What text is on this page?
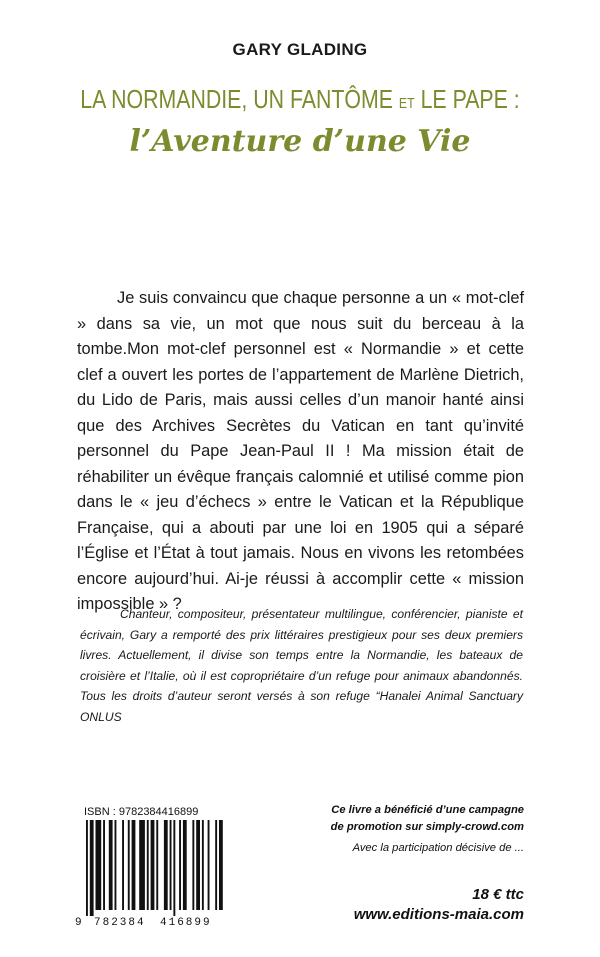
GARY GLADING
LA NORMANDIE, UN FANTÔME ET LE PAPE :
l’Aventure d’une Vie

Je suis convaincu que chaque personne a un « mot-clef » dans sa vie, un mot que nous suit du berceau à la tombe.Mon mot-clef personnel est « Normandie » et cette clef a ouvert les portes de l’appartement de Marlène Dietrich, du Lido de Paris, mais aussi celles d’un manoir hanté ainsi que des Archives Secrètes du Vatican en tant qu’invité personnel du Pape Jean-Paul II ! Ma mission était de réhabiliter un évêque français calomnié et utilisé comme pion dans le « jeu d’échecs » entre le Vatican et la République Française, qui a abouti par une loi en 1905 qui a séparé l’Église et l’État à tout jamais. Nous en vivons les retombées encore aujourd’hui. Ai-je réussi à accomplir cette « mission impossible » ?

Chanteur, compositeur, présentateur multilingue, conférencier, pianiste et écrivain, Gary a remporté des prix littéraires prestigieux pour ses deux premiers livres. Actuellement, il divise son temps entre la Normandie, les bateaux de croisière et l’Italie, où il est copropriétaire d’un refuge pour animaux abandonnés. Tous les droits d’auteur seront versés à son refuge “Hanalei Animal Sanctuary ONLUS

ISBN : 9782384416899
9 782384 416899
Ce livre a bénéficié d’une campagne
de promotion sur simply-crowd.com
Avec la participation décisive de ...
18 € ttc
www.editions-maia.com
